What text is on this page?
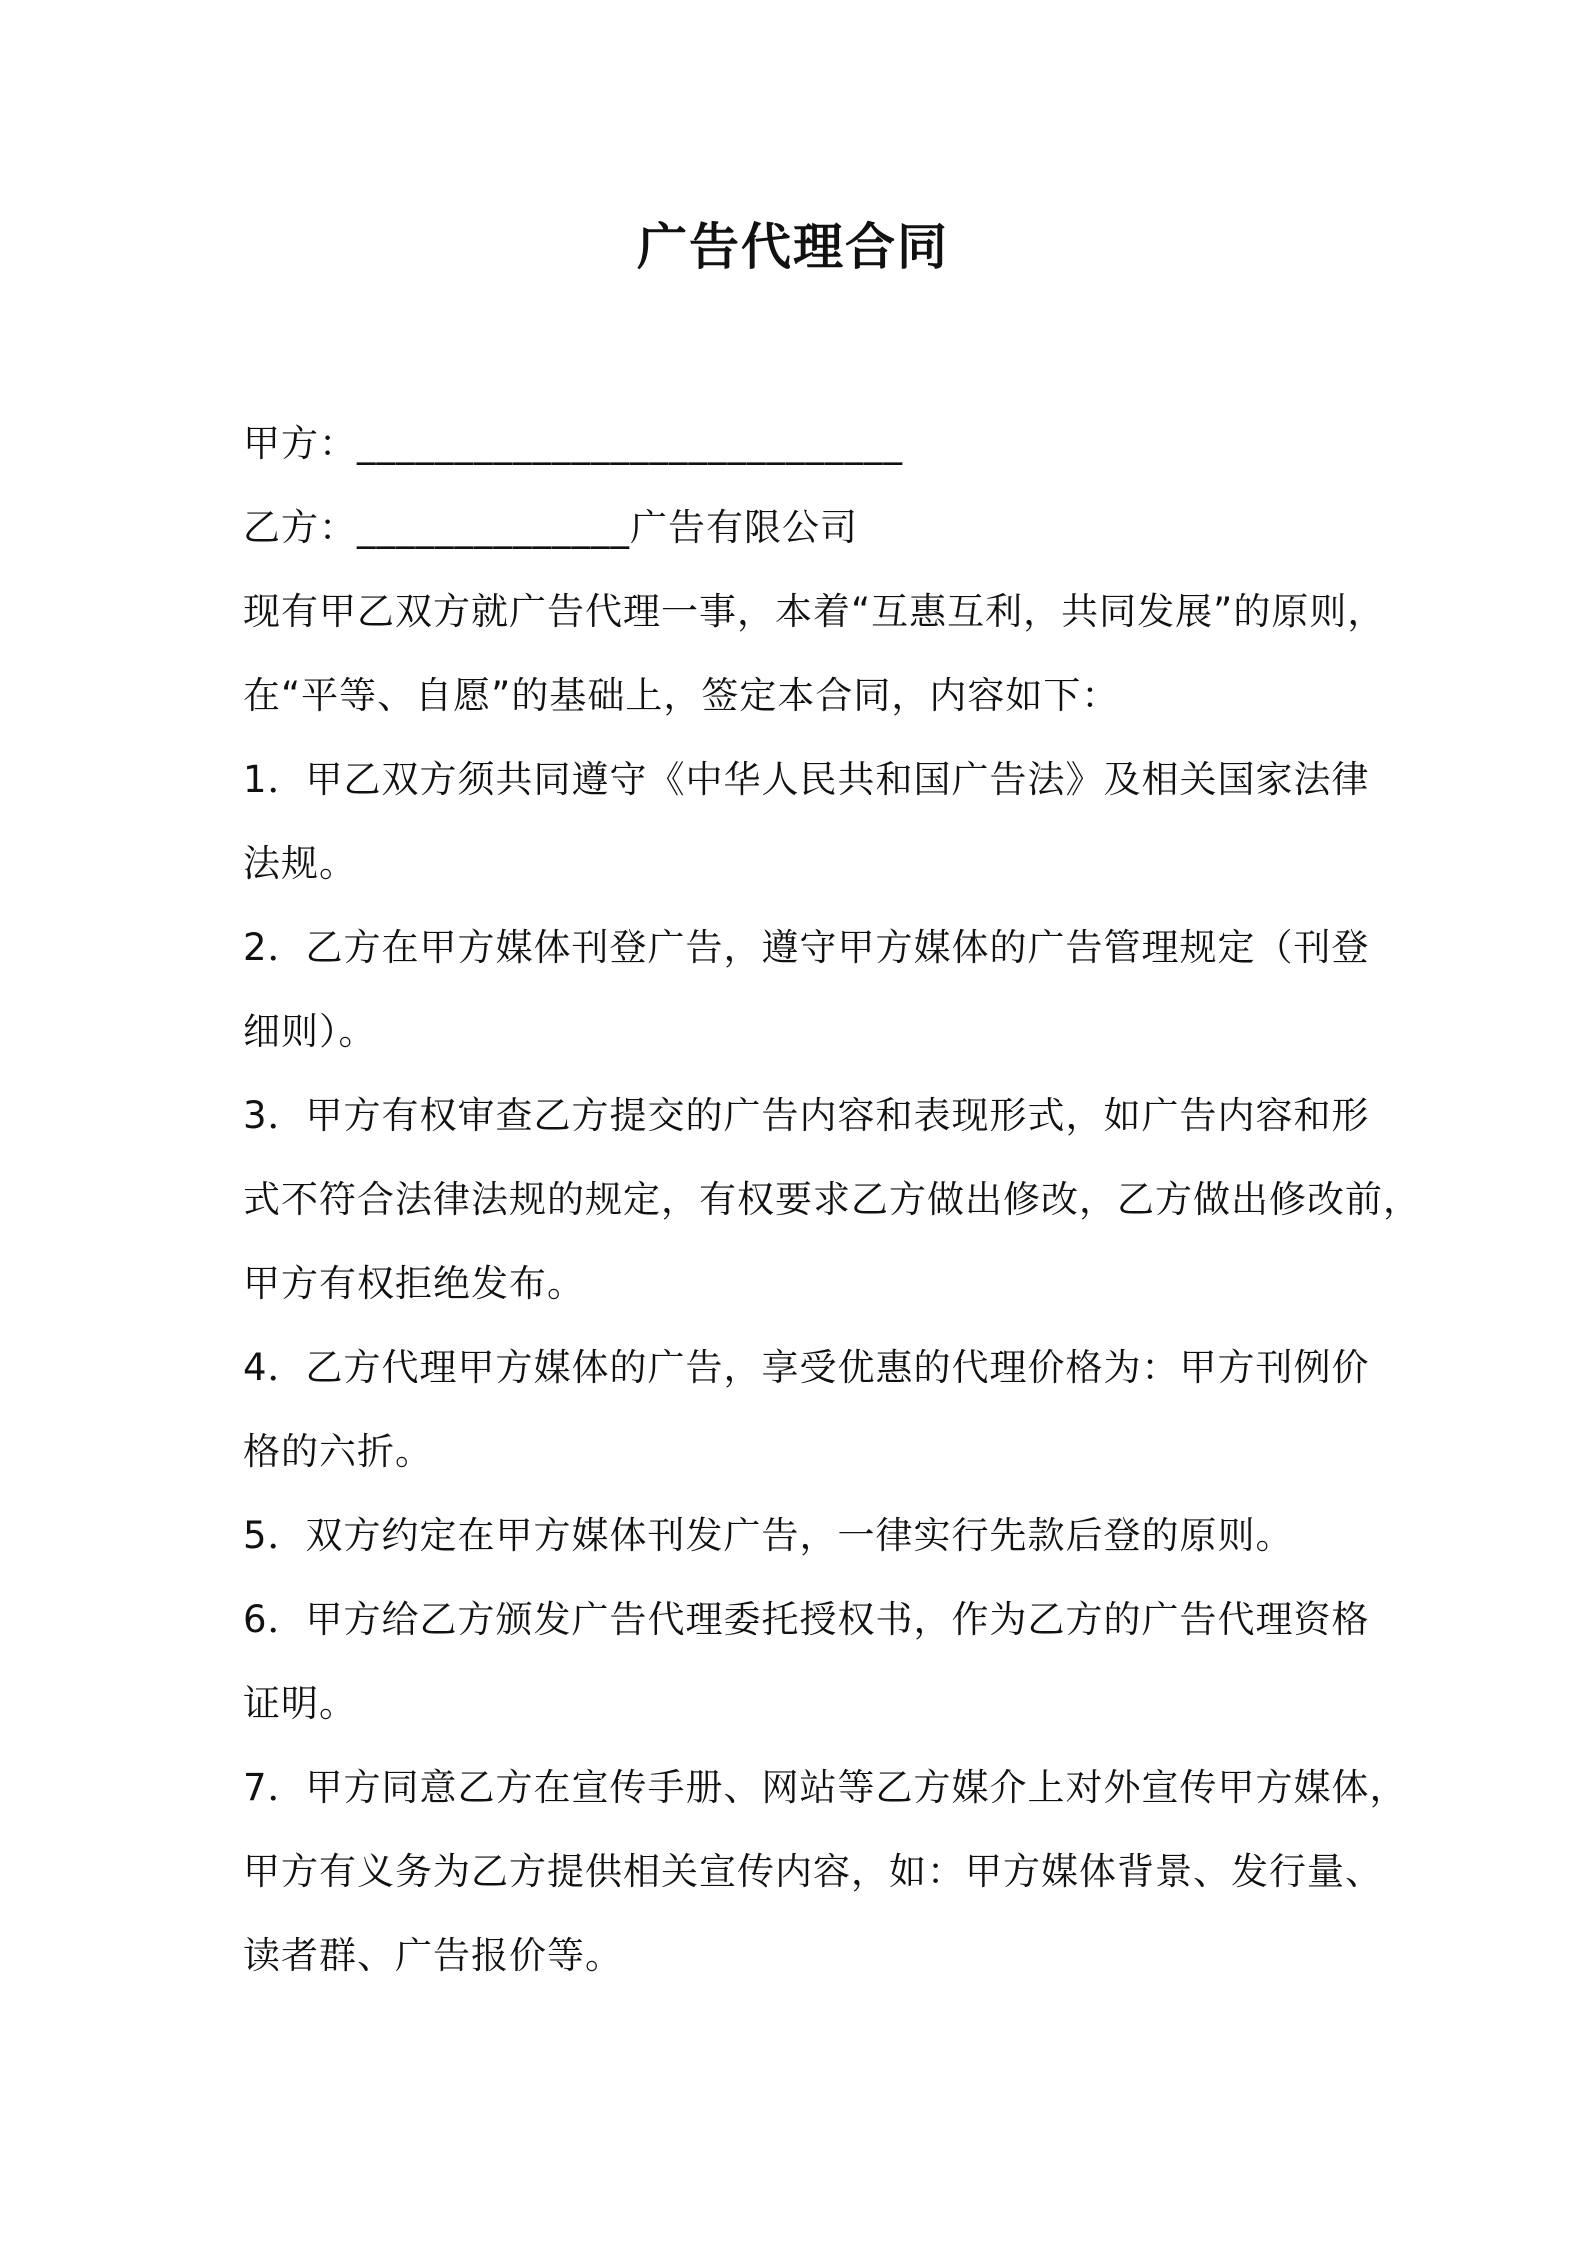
广告代理合同
甲方：____________________________
乙方：______________广告有限公司
现有甲乙双方就广告代理一事，本着“互惠互利，共同发展”的原则，
在“平等、自愿”的基础上，签定本合同，内容如下：
1．甲乙双方须共同遵守《中华人民共和国广告法》及相关国家法律
法规。
2．乙方在甲方媒体刊登广告，遵守甲方媒体的广告管理规定（刊登
细则）。
3．甲方有权审查乙方提交的广告内容和表现形式，如广告内容和形
式不符合法律法规的规定，有权要求乙方做出修改，乙方做出修改前，
甲方有权拒绝发布。
4．乙方代理甲方媒体的广告，享受优惠的代理价格为：甲方刊例价
格的六折。
5．双方约定在甲方媒体刊发广告，一律实行先款后登的原则。
6．甲方给乙方颁发广告代理委托授权书，作为乙方的广告代理资格
证明。
7．甲方同意乙方在宣传手册、网站等乙方媒介上对外宣传甲方媒体，
甲方有义务为乙方提供相关宣传内容，如：甲方媒体背景、发行量、
读者群、广告报价等。
